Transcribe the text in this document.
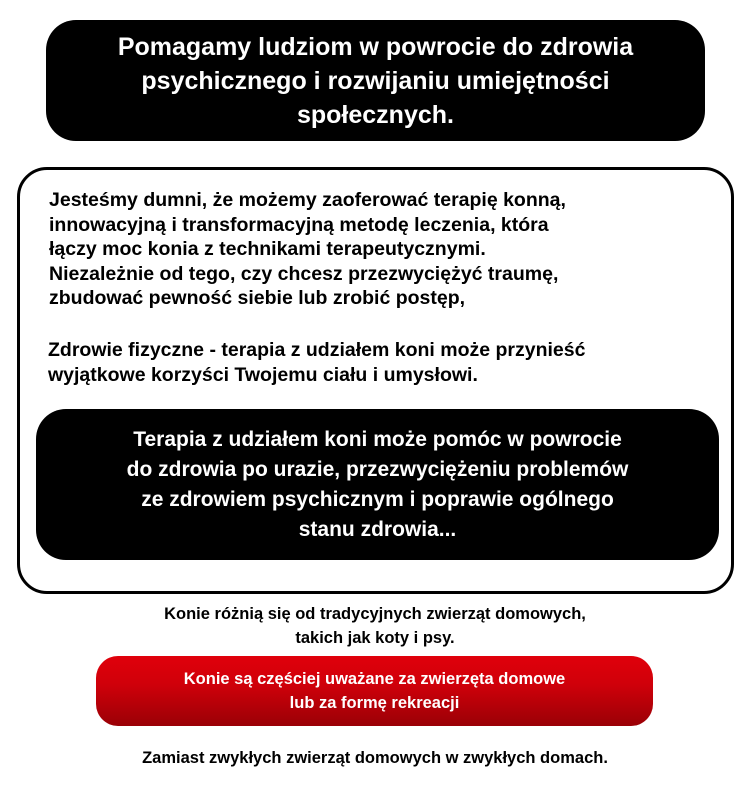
Pomagamy ludziom w powrocie do zdrowia
psychicznego i rozwijaniu umiejętności
społecznych.
Jesteśmy dumni, że możemy zaoferować terapię konną,
innowacyjną i transformacyjną metodę leczenia, która
łączy moc konia z technikami terapeutycznymi.
Niezależnie od tego, czy chcesz przezwyciężyć traumę,
zbudować pewność siebie lub zrobić postęp,
Zdrowie fizyczne - terapia z udziałem koni może przynieść
wyjątkowe korzyści Twojemu ciału i umysłowi.
Terapia z udziałem koni może pomóc w powrocie
do zdrowia po urazie, przezwyciężeniu problemów
ze zdrowiem psychicznym i poprawie ogólnego
stanu zdrowia...
Konie różnią się od tradycyjnych zwierząt domowych,
takich jak koty i psy.
Konie są częściej uważane za zwierzęta domowe
lub za formę rekreacji
Zamiast zwykłych zwierząt domowych w zwykłych domach.
